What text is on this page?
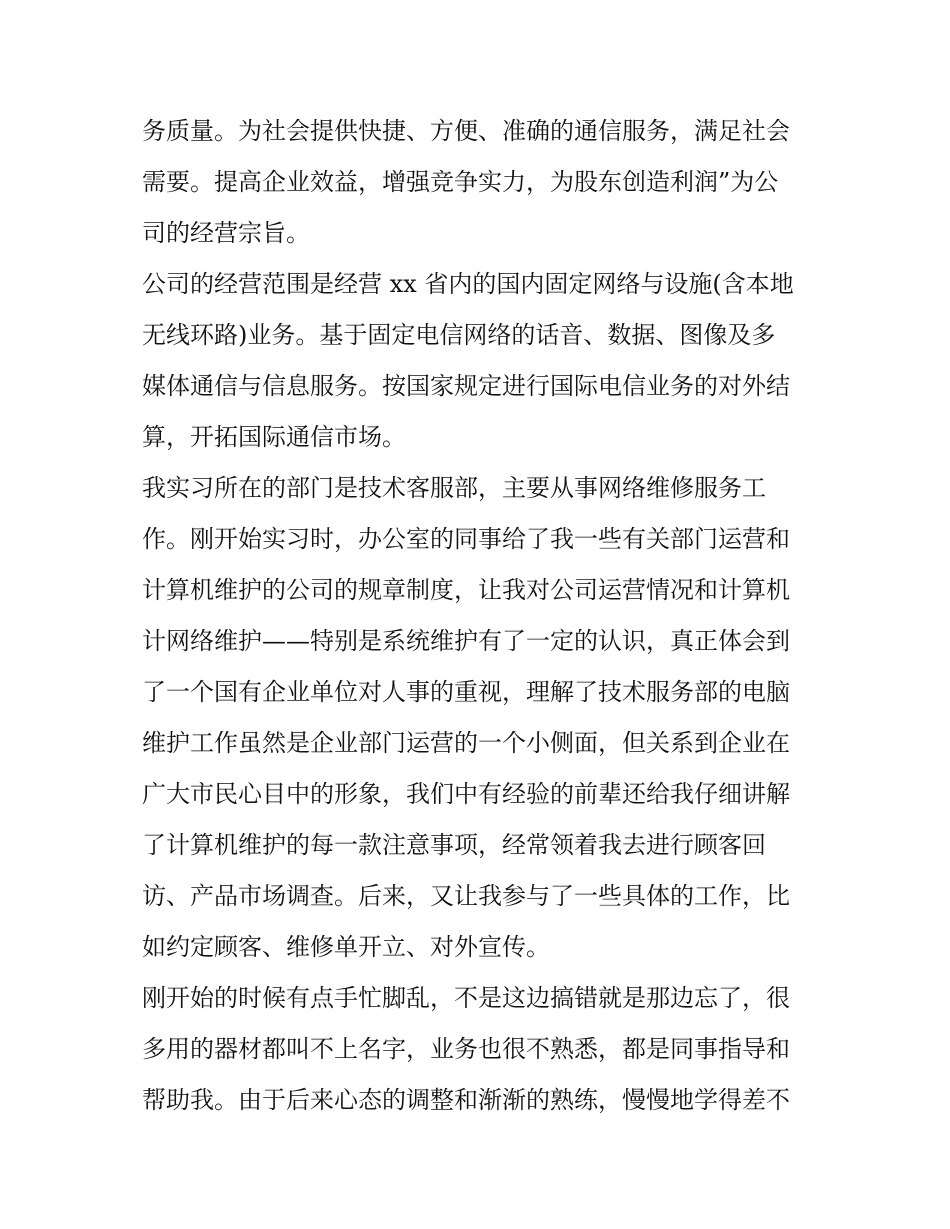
务质量。为社会提供快捷、方便、准确的通信服务，满足社会
需要。提高企业效益，增强竞争实力，为股东创造利润”为公
司的经营宗旨。
公司的经营范围是经营 xx 省内的国内固定网络与设施(含本地
无线环路)业务。基于固定电信网络的话音、数据、图像及多
媒体通信与信息服务。按国家规定进行国际电信业务的对外结
算，开拓国际通信市场。
我实习所在的部门是技术客服部，主要从事网络维修服务工
作。刚开始实习时，办公室的同事给了我一些有关部门运营和
计算机维护的公司的规章制度，让我对公司运营情况和计算机
计网络维护——特别是系统维护有了一定的认识，真正体会到
了一个国有企业单位对人事的重视，理解了技术服务部的电脑
维护工作虽然是企业部门运营的一个小侧面，但关系到企业在
广大市民心目中的形象，我们中有经验的前辈还给我仔细讲解
了计算机维护的每一款注意事项，经常领着我去进行顾客回
访、产品市场调查。后来，又让我参与了一些具体的工作，比
如约定顾客、维修单开立、对外宣传。
刚开始的时候有点手忙脚乱，不是这边搞错就是那边忘了，很
多用的器材都叫不上名字，业务也很不熟悉，都是同事指导和
帮助我。由于后来心态的调整和渐渐的熟练，慢慢地学得差不
